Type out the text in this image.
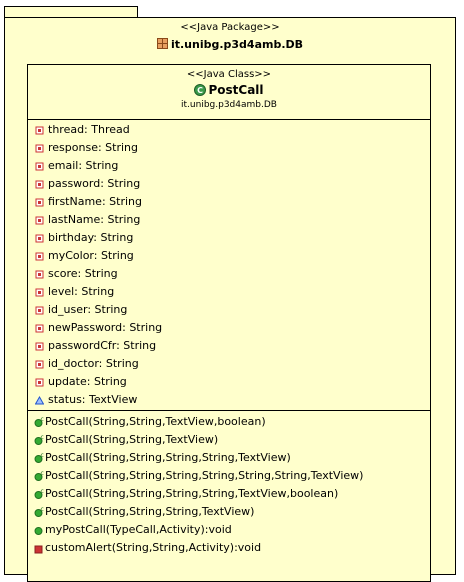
<<Java Package>>
it.unibg.p3d4amb.DB
<<Java Class>>
C PostCall
it.unibg.p3d4amb.DB
thread: Thread
response: String
email: String
password: String
firstName: String
lastName: String
birthday: String
myColor: String
score: String
level: String
id_user: String
newPassword: String
passwordCfr: String
id_doctor: String
update: String
status: TextView
c PostCall(String,String,TextView,boolean)
c PostCall(String,String,TextView)
c PostCall(String,String,String,String,TextView)
c PostCall(String,String,String,String,String,String,TextView)
c PostCall(String,String,String,String,TextView,boolean)
c PostCall(String,String,String,TextView)
myPostCall(TypeCall,Activity):void
customAlert(String,String,Activity):void
